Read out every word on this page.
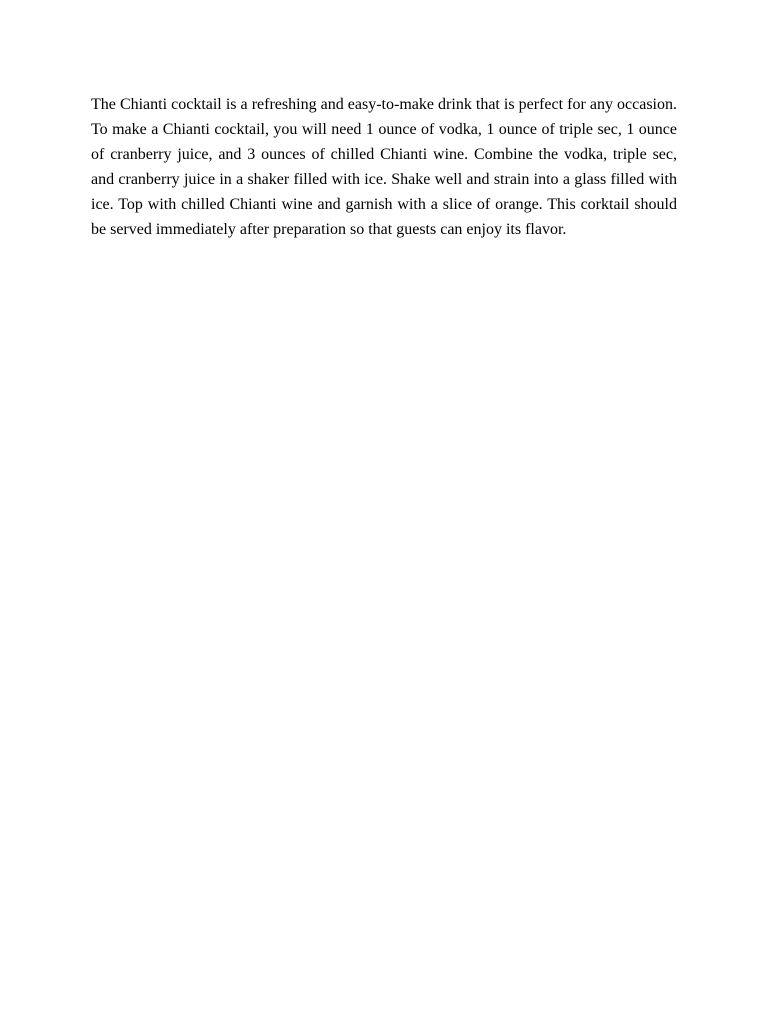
The Chianti cocktail is a refreshing and easy-to-make drink that is perfect for any occasion. To make a Chianti cocktail, you will need 1 ounce of vodka, 1 ounce of triple sec, 1 ounce of cranberry juice, and 3 ounces of chilled Chianti wine. Combine the vodka, triple sec, and cranberry juice in a shaker filled with ice. Shake well and strain into a glass filled with ice. Top with chilled Chianti wine and garnish with a slice of orange. This corktail should be served immediately after preparation so that guests can enjoy its flavor.
